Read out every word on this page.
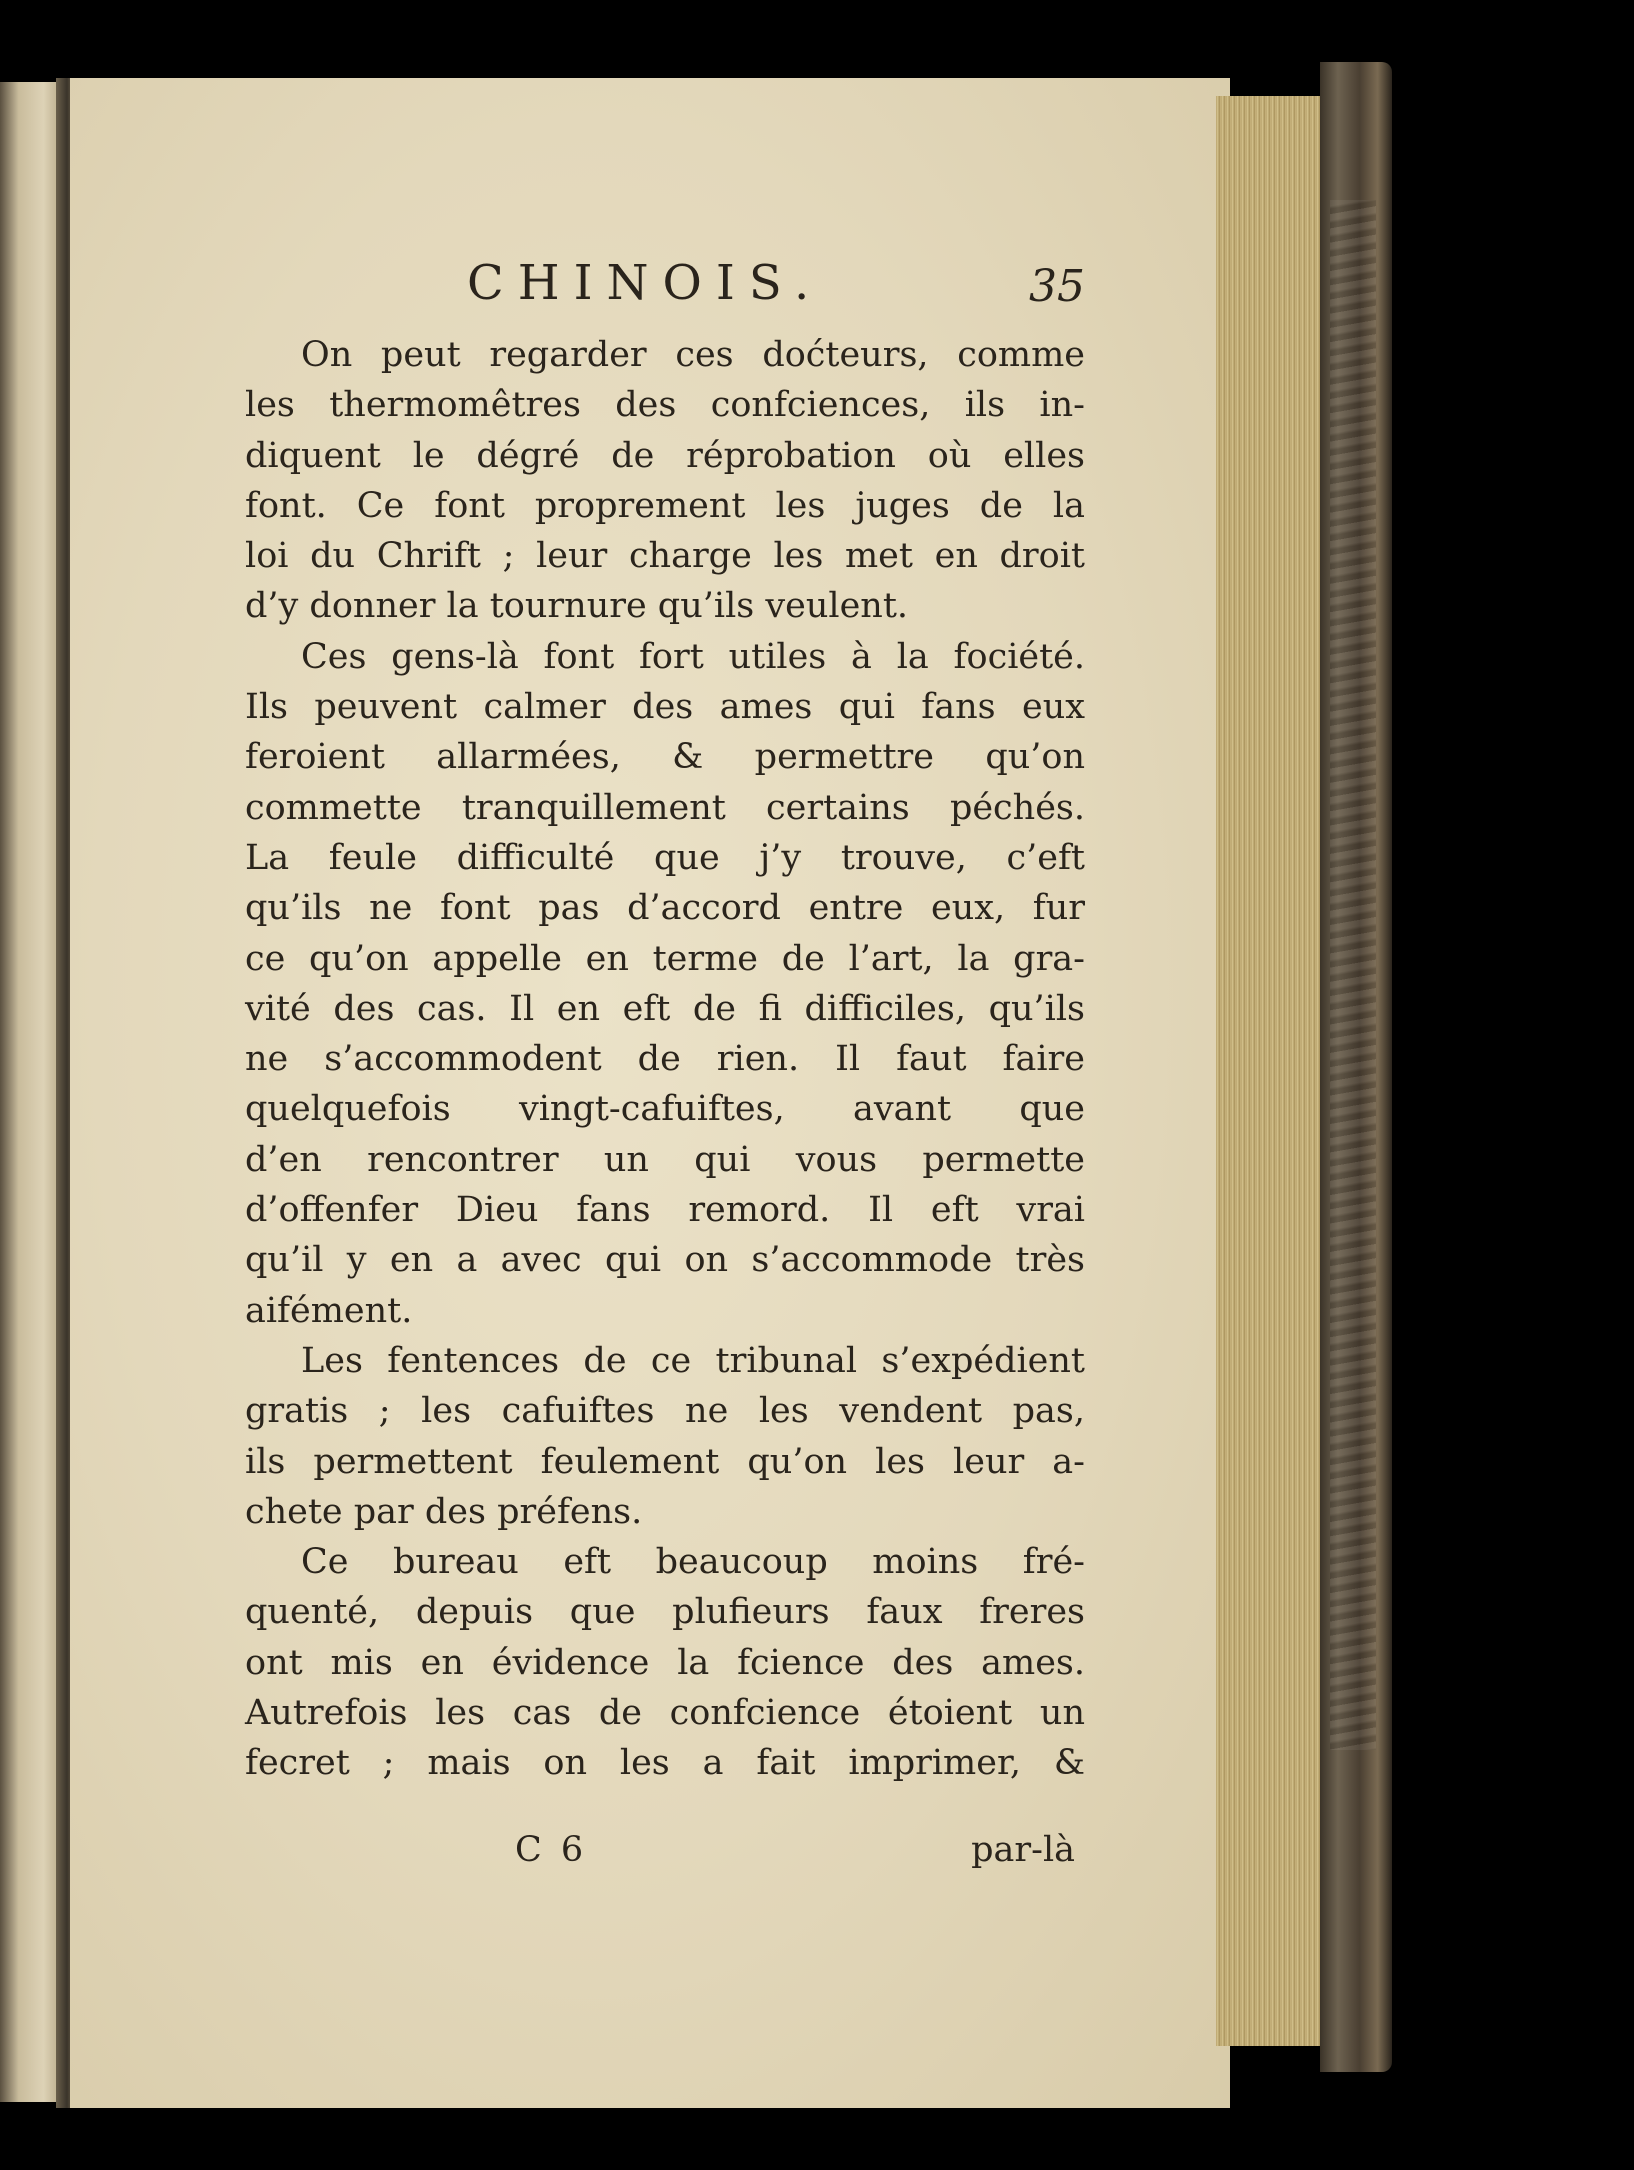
CHINOIS.	35
On peut regarder ces doćteurs, comme
les thermomêtres des confciences, ils in-
diquent le dégré de réprobation où elles
font. Ce font proprement les juges de la
loi du Chrift ; leur charge les met en droit
d’y donner la tournure qu’ils veulent.
Ces gens-là font fort utiles à la fociété.
Ils peuvent calmer des ames qui fans eux
feroient allarmées, & permettre qu’on
commette tranquillement certains péchés.
La feule difficulté que j’y trouve, c’eft
qu’ils ne font pas d’accord entre eux, fur
ce qu’on appelle en terme de l’art, la gra-
vité des cas. Il en eft de fi difficiles, qu’ils
ne s’accommodent de rien. Il faut faire
quelquefois vingt-cafuiftes, avant que
d’en rencontrer un qui vous permette
d’offenfer Dieu fans remord. Il eft vrai
qu’il y en a avec qui on s’accommode très
aifément.
Les fentences de ce tribunal s’expédient
gratis ; les cafuiftes ne les vendent pas,
ils permettent feulement qu’on les leur a-
chete par des préfens.
Ce bureau eft beaucoup moins fré-
quenté, depuis que plufieurs faux freres
ont mis en évidence la fcience des ames.
Autrefois les cas de confcience étoient un
fecret ; mais on les a fait imprimer, &
C 6	par-là
